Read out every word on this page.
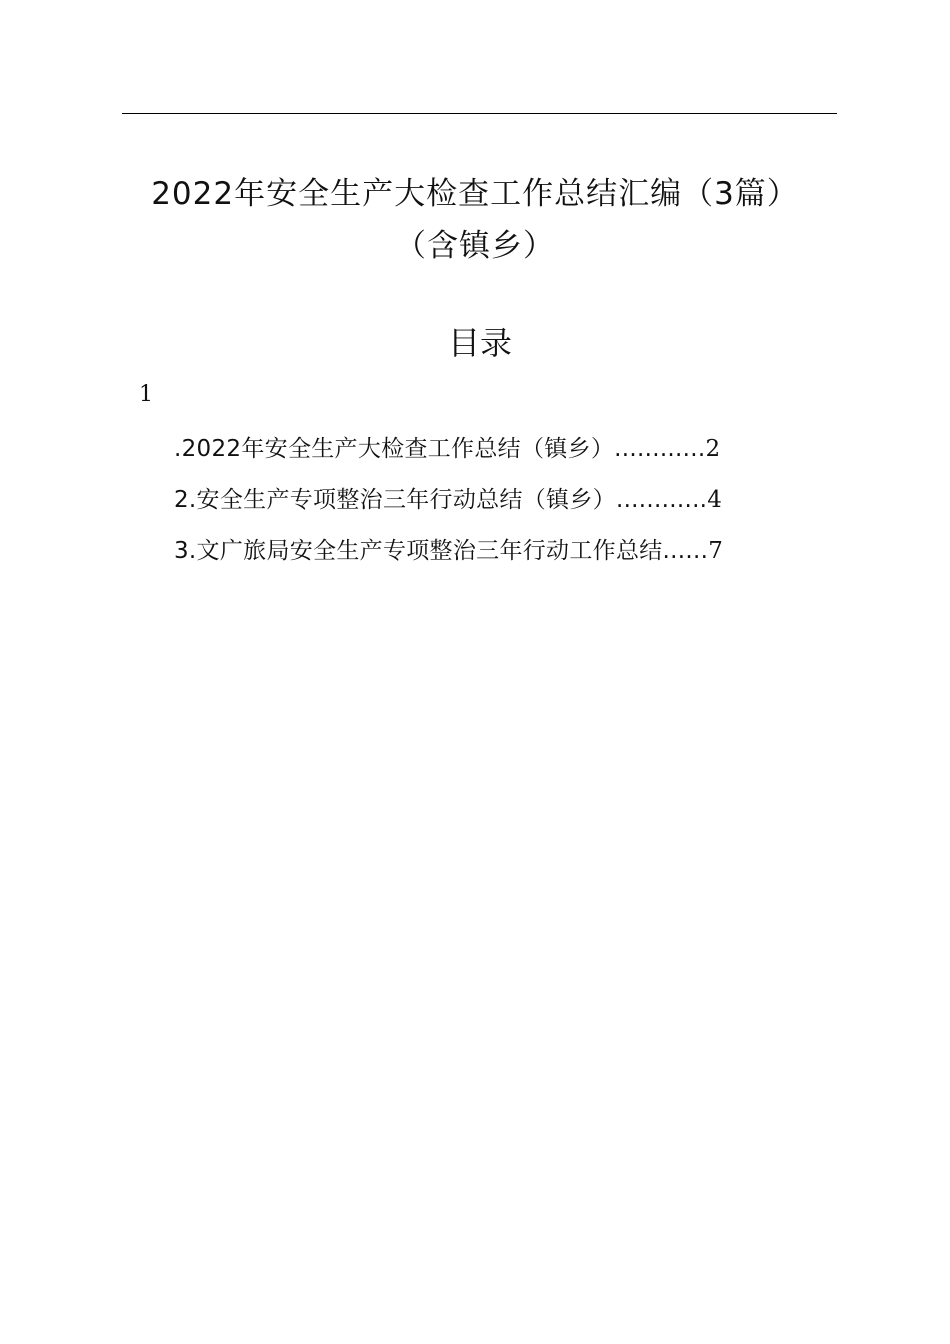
2022年安全生产大检查工作总结汇编（3篇）
（含镇乡）
目录
1
.2022年安全生产大检查工作总结（镇乡）............2
2.安全生产专项整治三年行动总结（镇乡）............4
3.文广旅局安全生产专项整治三年行动工作总结......7
